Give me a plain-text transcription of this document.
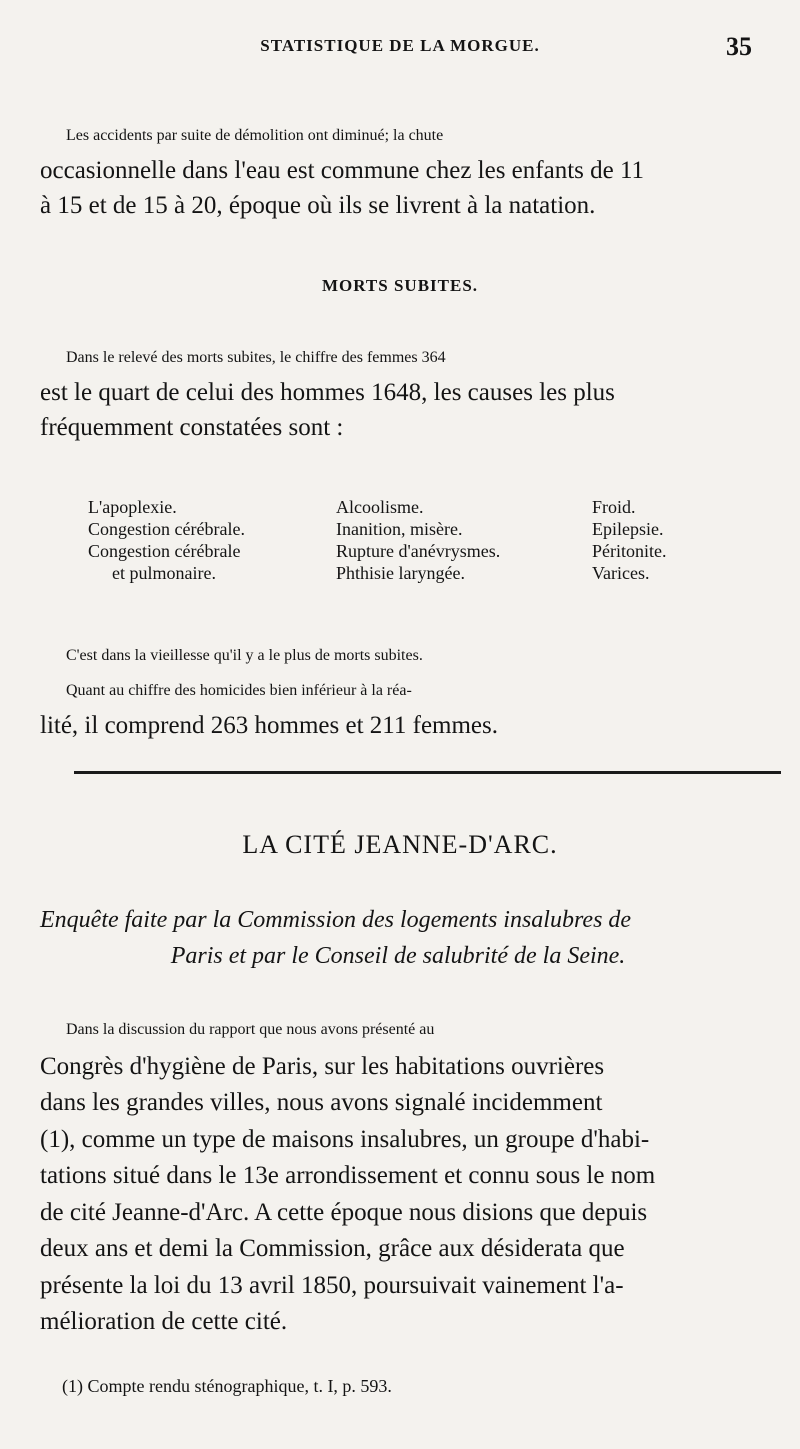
STATISTIQUE DE LA MORGUE.	35
Les accidents par suite de démolition ont diminué; la chute
occasionnelle dans l'eau est commune chez les enfants de 11
à 15 et de 15 à 20, époque où ils se livrent à la natation.
MORTS SUBITES.
Dans le relevé des morts subites, le chiffre des femmes 364
est le quart de celui des hommes 1648, les causes les plus
fréquemment constatées sont :
L'apoplexie.
Congestion cérébrale.
Congestion cérébrale
et pulmonaire.
Alcoolisme.
Inanition, misère.
Rupture d'anévrysmes.
Phthisie laryngée.
Froid.
Epilepsie.
Péritonite.
Varices.
C'est dans la vieillesse qu'il y a le plus de morts subites.
Quant au chiffre des homicides bien inférieur à la réa-
lité, il comprend 263 hommes et 211 femmes.
LA CITÉ JEANNE-D'ARC.
Enquête faite par la Commission des logements insalubres de
Paris et par le Conseil de salubrité de la Seine.
Dans la discussion du rapport que nous avons présenté au
Congrès d'hygiène de Paris, sur les habitations ouvrières
dans les grandes villes, nous avons signalé incidemment
(1), comme un type de maisons insalubres, un groupe d'habi-
tations situé dans le 13e arrondissement et connu sous le nom
de cité Jeanne-d'Arc. A cette époque nous disions que depuis
deux ans et demi la Commission, grâce aux désiderata que
présente la loi du 13 avril 1850, poursuivait vainement l'a-
mélioration de cette cité.
(1) Compte rendu sténographique, t. I, p. 593.
